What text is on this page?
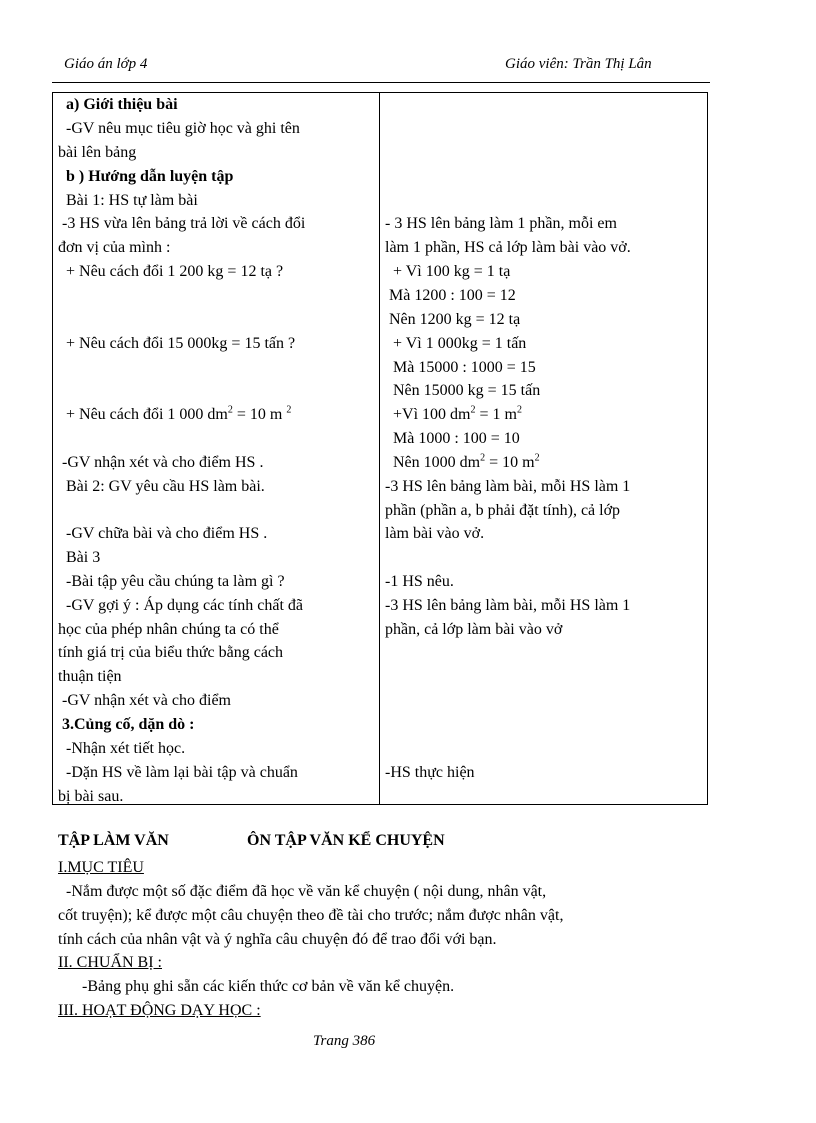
Giáo án lớp 4	Giáo viên: Trần Thị Lân
a) Giới thiệu bài
-GV nêu mục tiêu giờ học và ghi tên
bài lên bảng
b ) Hướng dẫn luyện tập
Bài 1: HS tự làm bài
-3 HS vừa lên bảng trả lời về cách đổi
đơn vị của mình :
+ Nêu cách đổi 1 200 kg = 12 tạ ?
+ Nêu cách đổi 15 000kg = 15 tấn ?
+ Nêu cách đổi 1 000 $dm^2 = 10$ m $^2$
-GV nhận xét và cho điểm HS .
Bài 2: GV yêu cầu HS làm bài.
-GV chữa bài và cho điểm HS .
Bài 3
-Bài tập yêu cầu chúng ta làm gì ?
-GV gợi ý : Áp dụng các tính chất đã
học của phép nhân chúng ta có thể
tính giá trị của biểu thức bằng cách
thuận tiện
-GV nhận xét và cho điểm
3.Củng cố, dặn dò :
-Nhận xét tiết học.
-Dặn HS về làm lại bài tập và chuẩn
bị bài sau.
- 3 HS lên bảng làm 1 phần, mỗi em
làm 1 phần, HS cả lớp làm bài vào vở.
+ Vì 100 kg = 1 tạ
Mà 1200 : 100 = 12
Nên 1200 kg = 12 tạ
+ Vì 1 000kg = 1 tấn
Mà 15000 : 1000 = 15
Nên 15000 kg = 15 tấn
+Vì 100 $dm^2 = 1$ $m^2$
Mà 1000 : 100 = 10
Nên 1000 $dm^2 = 10$ $m^2$
-3 HS lên bảng làm bài, mỗi HS làm 1
phần (phần a, b phải đặt tính), cả lớp
làm bài vào vở.
-1 HS nêu.
-3 HS lên bảng làm bài, mỗi HS làm 1
phần, cả lớp làm bài vào vở
-HS thực hiện
TẬP LÀM VĂN	ÔN TẬP VĂN KỂ CHUYỆN
I.MỤC TIÊU
-Nắm được một số đặc điểm đã học về văn kể chuyện ( nội dung, nhân vật,
cốt truyện); kể được một câu chuyện theo đề tài cho trước; nắm được nhân vật,
tính cách của nhân vật và ý nghĩa câu chuyện đó để trao đổi với bạn.
II. CHUẨN BỊ :
-Bảng phụ ghi sẵn các kiến thức cơ bản về văn kể chuyện.
III. HOẠT ĐỘNG DẠY HỌC :
Trang 386
